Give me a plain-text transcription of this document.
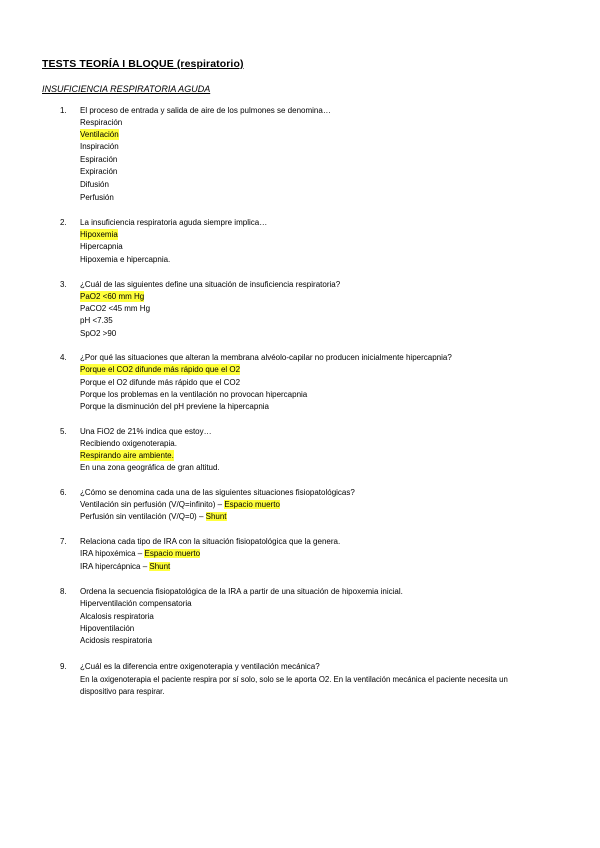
TESTS TEORÍA I BLOQUE (respiratorio)
INSUFICIENCIA RESPIRATORIA AGUDA
1. El proceso de entrada y salida de aire de los pulmones se denomina…
Respiración
Ventilación
Inspiración
Espiración
Expiración
Difusión
Perfusión
2. La insuficiencia respiratoria aguda siempre implica…
Hipoxemia
Hipercapnia
Hipoxemia e hipercapnia.
3. ¿Cuál de las siguientes define una situación de insuficiencia respiratoria?
PaO2 <60 mm Hg
PaCO2 <45 mm Hg
pH <7.35
SpO2 >90
4. ¿Por qué las situaciones que alteran la membrana alvéolo-capilar no producen inicialmente hipercapnia?
Porque el CO2 difunde más rápido que el O2
Porque el O2 difunde más rápido que el CO2
Porque los problemas en la ventilación no provocan hipercapnia
Porque la disminución del pH previene la hipercapnia
5. Una FiO2 de 21% indica que estoy…
Recibiendo oxigenoterapia.
Respirando aire ambiente.
En una zona geográfica de gran altitud.
6. ¿Cómo se denomina cada una de las siguientes situaciones fisiopatológicas?
Ventilación sin perfusión (V/Q=infinito) – Espacio muerto
Perfusión sin ventilación (V/Q=0) – Shunt
7. Relaciona cada tipo de IRA con la situación fisiopatológica que la genera.
IRA hipoxémica – Espacio muerto
IRA hipercápnica – Shunt
8. Ordena la secuencia fisiopatológica de la IRA a partir de una situación de hipoxemia inicial.
Hiperventilación compensatoria
Alcalosis respiratoria
Hipoventilación
Acidosis respiratoria
9. ¿Cuál es la diferencia entre oxigenoterapia y ventilación mecánica?
En la oxigenoterapia el paciente respira por sí solo, solo se le aporta O2. En la ventilación mecánica el paciente necesita un dispositivo para respirar.
